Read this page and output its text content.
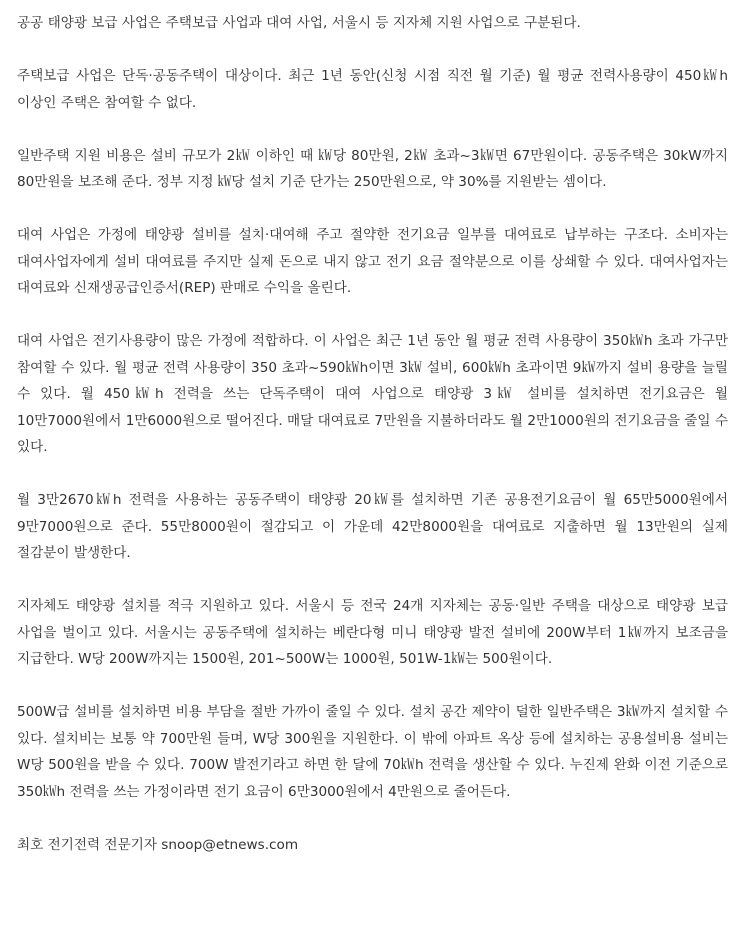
공공 태양광 보급 사업은 주택보급 사업과 대여 사업, 서울시 등 지자체 지원 사업으로 구분된다.

주택보급 사업은 단독·공동주택이 대상이다. 최근 1년 동안(신청 시점 직전 월 기준) 월 평균 전력사용량이 450㎾h 이상인 주택은 참여할 수 없다.

일반주택 지원 비용은 설비 규모가 2㎾ 이하인 때 ㎾당 80만원, 2㎾ 초과~3㎾면 67만원이다. 공동주택은 30kW까지 80만원을 보조해 준다. 정부 지정 ㎾당 설치 기준 단가는 250만원으로, 약 30%를 지원받는 셈이다.

대여 사업은 가정에 태양광 설비를 설치·대여해 주고 절약한 전기요금 일부를 대여료로 납부하는 구조다. 소비자는 대여사업자에게 설비 대여료를 주지만 실제 돈으로 내지 않고 전기 요금 절약분으로 이를 상쇄할 수 있다. 대여사업자는 대여료와 신재생공급인증서(REP) 판매로 수익을 올린다.

대여 사업은 전기사용량이 많은 가정에 적합하다. 이 사업은 최근 1년 동안 월 평균 전력 사용량이 350㎾h 초과 가구만 참여할 수 있다. 월 평균 전력 사용량이 350 초과~590㎾h이면 3㎾ 설비, 600㎾h 초과이면 9㎾까지 설비 용량을 늘릴 수 있다. 월 450㎾h 전력을 쓰는 단독주택이 대여 사업으로 태양광 3㎾ 설비를 설치하면 전기요금은 월 10만7000원에서 1만6000원으로 떨어진다. 매달 대여료로 7만원을 지불하더라도 월 2만1000원의 전기요금을 줄일 수 있다.

월 3만2670㎾h 전력을 사용하는 공동주택이 태양광 20㎾를 설치하면 기존 공용전기요금이 월 65만5000원에서 9만7000원으로 준다. 55만8000원이 절감되고 이 가운데 42만8000원을 대여료로 지출하면 월 13만원의 실제 절감분이 발생한다.

지자체도 태양광 설치를 적극 지원하고 있다. 서울시 등 전국 24개 지자체는 공동·일반 주택을 대상으로 태양광 보급 사업을 벌이고 있다. 서울시는 공동주택에 설치하는 베란다형 미니 태양광 발전 설비에 200W부터 1㎾까지 보조금을 지급한다. W당 200W까지는 1500원, 201~500W는 1000원, 501W-1㎾는 500원이다.

500W급 설비를 설치하면 비용 부담을 절반 가까이 줄일 수 있다. 설치 공간 제약이 덜한 일반주택은 3㎾까지 설치할 수 있다. 설치비는 보통 약 700만원 들며, W당 300원을 지원한다. 이 밖에 아파트 옥상 등에 설치하는 공용설비용 설비는 W당 500원을 받을 수 있다. 700W 발전기라고 하면 한 달에 70㎾h 전력을 생산할 수 있다. 누진제 완화 이전 기준으로 350㎾h 전력을 쓰는 가정이라면 전기 요금이 6만3000원에서 4만원으로 줄어든다.

최호 전기전력 전문기자 snoop@etnews.com
